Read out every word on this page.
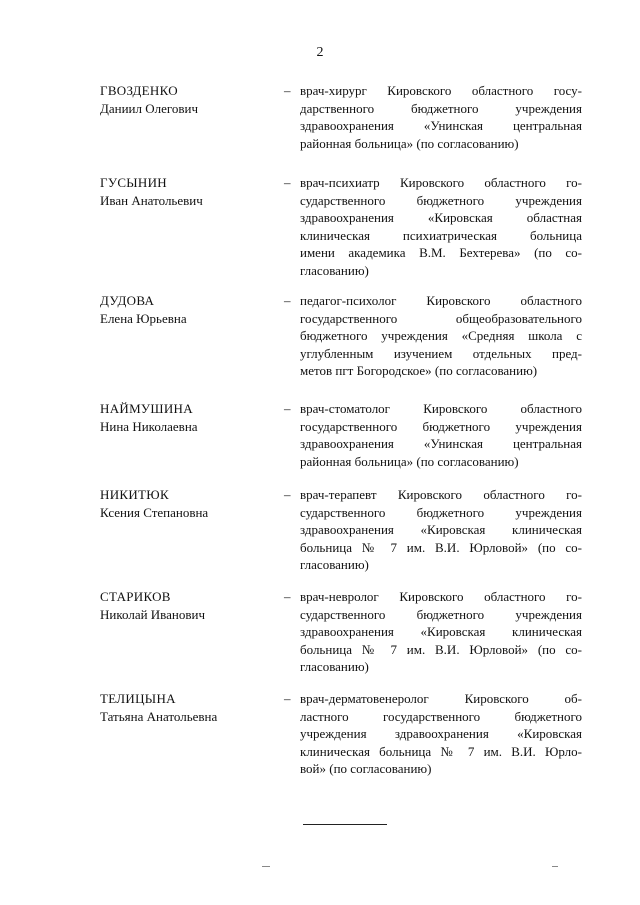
2
ГВОЗДЕНКО
Даниил Олегович
– врач-хирург Кировского областного госу-
дарственного бюджетного учреждения
здравоохранения «Унинская центральная
районная больница» (по согласованию)

ГУСЫНИН
Иван Анатольевич
– врач-психиатр Кировского областного го-
сударственного бюджетного учреждения
здравоохранения «Кировская областная
клиническая психиатрическая больница
имени академика В.М. Бехтерева» (по со-
гласованию)

ДУДОВА
Елена Юрьевна
– педагог-психолог Кировского областного
государственного общеобразовательного
бюджетного учреждения «Средняя школа с
углубленным изучением отдельных пред-
метов пгт Богородское» (по согласованию)

НАЙМУШИНА
Нина Николаевна
– врач-стоматолог Кировского областного
государственного бюджетного учреждения
здравоохранения «Унинская центральная
районная больница» (по согласованию)

НИКИТЮК
Ксения Степановна
– врач-терапевт Кировского областного го-
сударственного бюджетного учреждения
здравоохранения «Кировская клиническая
больница № 7 им. В.И. Юрловой» (по со-
гласованию)

СТАРИКОВ
Николай Иванович
– врач-невролог Кировского областного го-
сударственного бюджетного учреждения
здравоохранения «Кировская клиническая
больница № 7 им. В.И. Юрловой» (по со-
гласованию)

ТЕЛИЦЫНА
Татьяна Анатольевна
– врач-дерматовенеролог Кировского об-
ластного государственного бюджетного
учреждения здравоохранения «Кировская
клиническая больница № 7 им. В.И. Юрло-
вой» (по согласованию)
